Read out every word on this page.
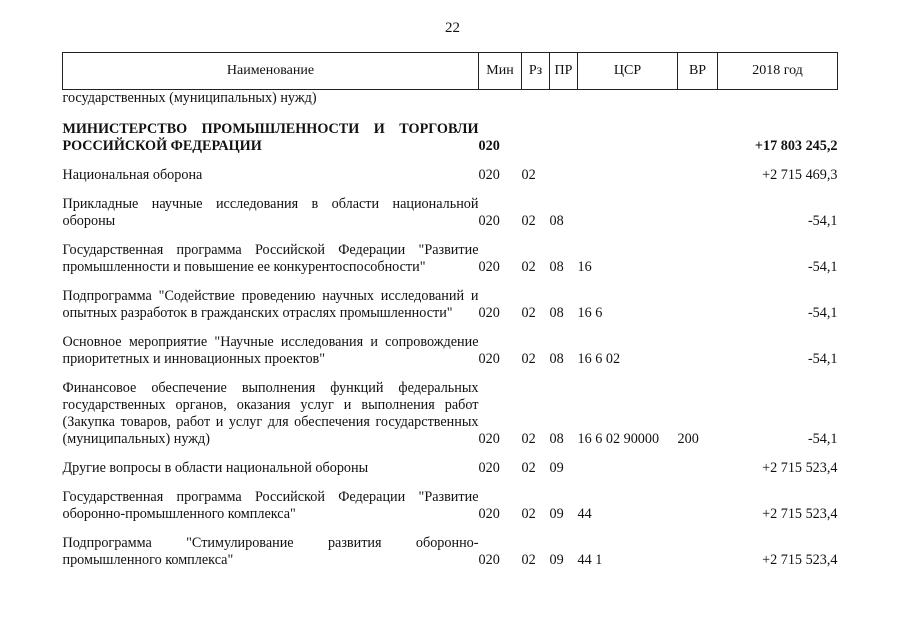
22
Наименование	Мин	Рз	ПР	ЦСР	ВР	2018 год
государственных (муниципальных) нужд)						

МИНИСТЕРСТВО ПРОМЫШЛЕННОСТИ И ТОРГОВЛИ РОССИЙСКОЙ ФЕДЕРАЦИИ	020					+17 803 245,2

Национальная оборона	020	02				+2 715 469,3

Прикладные научные исследования в области национальной обороны	020	02	08			-54,1

Государственная программа Российской Федерации "Развитие промышленности и повышение ее конкурентоспособности"	020	02	08	16		-54,1

Подпрограмма "Содействие проведению научных исследований и опытных разработок в гражданских отраслях промышленности"	020	02	08	16 6		-54,1

Основное мероприятие "Научные исследования и сопровождение приоритетных и инновационных проектов"	020	02	08	16 6 02		-54,1

Финансовое обеспечение выполнения функций федеральных государственных органов, оказания услуг и выполнения работ (Закупка товаров, работ и услуг для обеспечения государственных (муниципальных) нужд)	020	02	08	16 6 02 90000	200	-54,1

Другие вопросы в области национальной обороны	020	02	09			+2 715 523,4

Государственная программа Российской Федерации "Развитие оборонно-промышленного комплекса"	020	02	09	44		+2 715 523,4

Подпрограмма "Стимулирование развития оборонно-промышленного комплекса"	020	02	09	44 1		+2 715 523,4
